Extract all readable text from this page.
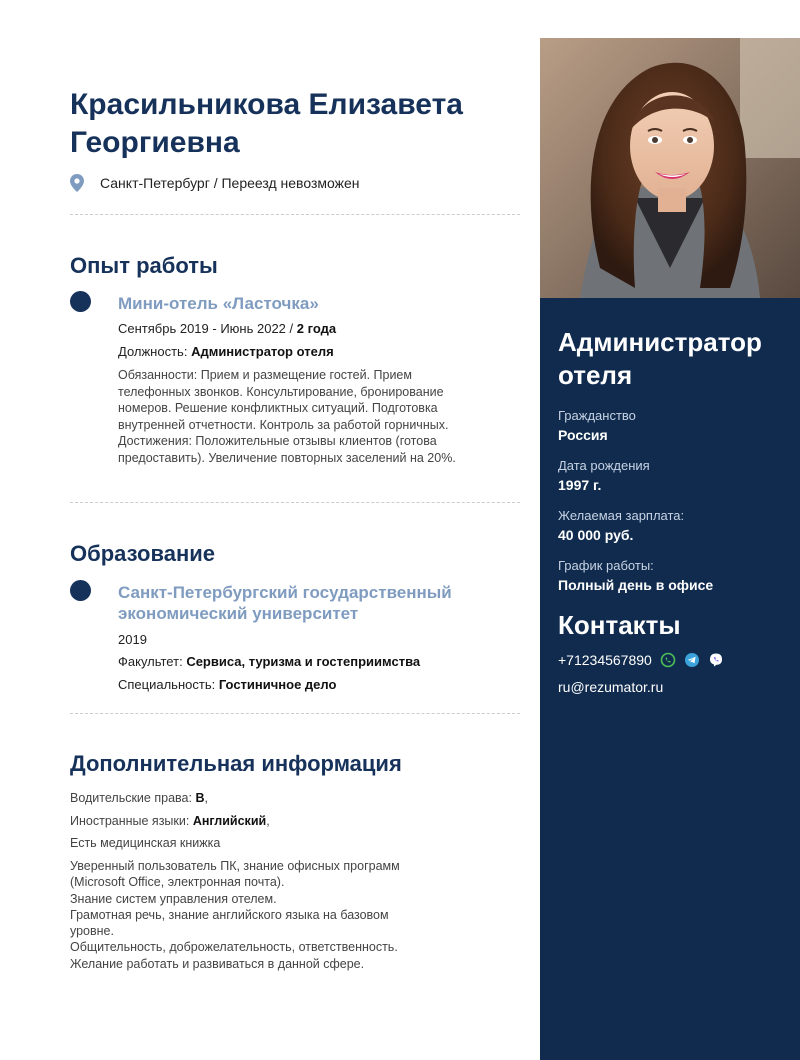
Красильникова Елизавета Георгиевна
Санкт-Петербург / Переезд невозможен
Опыт работы
Мини-отель «Ласточка»
Сентябрь 2019 - Июнь 2022 / 2 года
Должность: Администратор отеля
Обязанности: Прием и размещение гостей. Прием телефонных звонков. Консультирование, бронирование номеров. Решение конфликтных ситуаций. Подготовка внутренней отчетности. Контроль за работой горничных. Достижения: Положительные отзывы клиентов (готова предоставить). Увеличение повторных заселений на 20%.
Образование
Санкт-Петербургский государственный экономический университет
2019
Факультет: Сервиса, туризма и гостеприимства
Специальность: Гостиничное дело
Дополнительная информация
Водительские права: B,
Иностранные языки: Английский,
Есть медицинская книжка
Уверенный пользователь ПК, знание офисных программ
(Microsoft Office, электронная почта).
Знание систем управления отелем.
Грамотная речь, знание английского языка на базовом
уровне.
Общительность, доброжелательность, ответственность.
Желание работать и развиваться в данной сфере.
Администратор отеля
Гражданство
Россия
Дата рождения
1997 г.
Желаемая зарплата:
40 000 руб.
График работы:
Полный день в офисе
Контакты
+71234567890
ru@rezumator.ru
